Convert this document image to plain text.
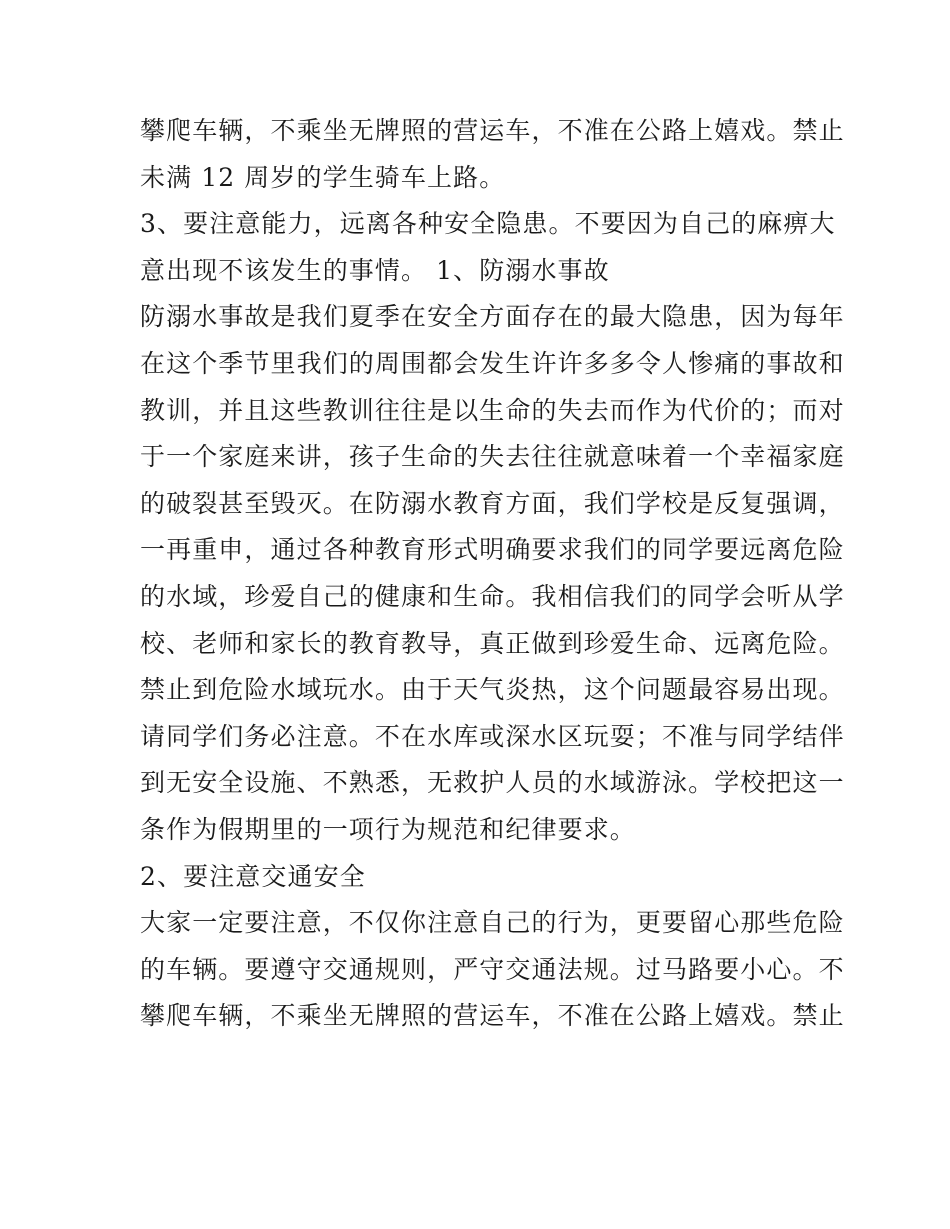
攀爬车辆，不乘坐无牌照的营运车，不准在公路上嬉戏。禁止
未满 12 周岁的学生骑车上路。
3、要注意能力，远离各种安全隐患。不要因为自己的麻痹大
意出现不该发生的事情。 1、防溺水事故
防溺水事故是我们夏季在安全方面存在的最大隐患，因为每年
在这个季节里我们的周围都会发生许许多多令人惨痛的事故和
教训，并且这些教训往往是以生命的失去而作为代价的；而对
于一个家庭来讲，孩子生命的失去往往就意味着一个幸福家庭
的破裂甚至毁灭。在防溺水教育方面，我们学校是反复强调，
一再重申，通过各种教育形式明确要求我们的同学要远离危险
的水域，珍爱自己的健康和生命。我相信我们的同学会听从学
校、老师和家长的教育教导，真正做到珍爱生命、远离危险。
禁止到危险水域玩水。由于天气炎热，这个问题最容易出现。
请同学们务必注意。不在水库或深水区玩耍；不准与同学结伴
到无安全设施、不熟悉，无救护人员的水域游泳。学校把这一
条作为假期里的一项行为规范和纪律要求。
2、要注意交通安全
大家一定要注意，不仅你注意自己的行为，更要留心那些危险
的车辆。要遵守交通规则，严守交通法规。过马路要小心。不
攀爬车辆，不乘坐无牌照的营运车，不准在公路上嬉戏。禁止
